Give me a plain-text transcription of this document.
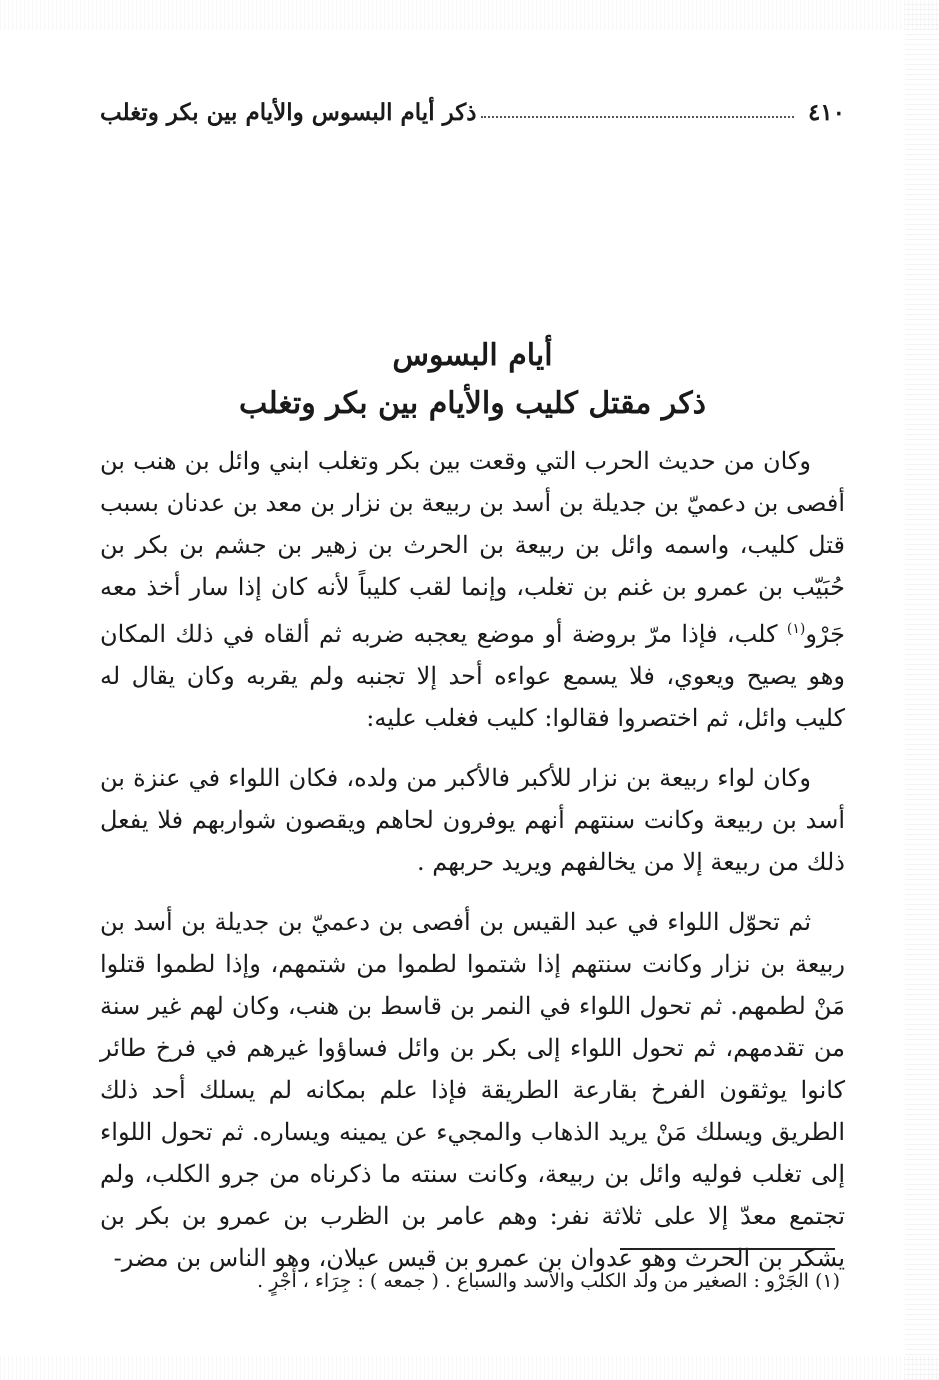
٤١٠
ذكر أيام البسوس والأيام بين بكر وتغلب
أيام البسوس
ذكر مقتل كليب والأيام بين بكر وتغلب

وكان من حديث الحرب التي وقعت بين بكر وتغلب ابني وائل بن هنب بن أفصى بن دعميّ بن جديلة بن أسد بن ربيعة بن نزار بن معد بن عدنان بسبب قتل كليب، واسمه وائل بن ربيعة بن الحرث بن زهير بن جشم بن بكر بن حُبَيّب بن عمرو بن غنم بن تغلب، وإنما لقب كليباً لأنه كان إذا سار أخذ معه جَرْو$^{(١)}$ كلب، فإذا مرّ بروضة أو موضع يعجبه ضربه ثم ألقاه في ذلك المكان وهو يصيح ويعوي، فلا يسمع عواءه أحد إلا تجنبه ولم يقربه وكان يقال له كليب وائل، ثم اختصروا فقالوا: كليب فغلب عليه:

وكان لواء ربيعة بن نزار للأكبر فالأكبر من ولده، فكان اللواء في عنزة بن أسد بن ربيعة وكانت سنتهم أنهم يوفرون لحاهم ويقصون شواربهم فلا يفعل ذلك من ربيعة إلا من يخالفهم ويريد حربهم .

ثم تحوّل اللواء في عبد القيس بن أفصى بن دعميّ بن جديلة بن أسد بن ربيعة بن نزار وكانت سنتهم إذا شتموا لطموا من شتمهم، وإذا لطموا قتلوا مَنْ لطمهم. ثم تحول اللواء في النمر بن قاسط بن هنب، وكان لهم غير سنة من تقدمهم، ثم تحول اللواء إلى بكر بن وائل فساؤوا غيرهم في فرخ طائر كانوا يوثقون الفرخ بقارعة الطريقة فإذا علم بمكانه لم يسلك أحد ذلك الطريق ويسلك مَنْ يريد الذهاب والمجيء عن يمينه ويساره. ثم تحول اللواء إلى تغلب فوليه وائل بن ربيعة، وكانت سنته ما ذكرناه من جرو الكلب، ولم تجتمع معدّ إلا على ثلاثة نفر: وهم عامر بن الظرب بن عمرو بن بكر بن يشكر بن الحرث وهو عدوان بن عمرو بن قيس عيلان، وهو الناس بن مضر-

(١) الجَرْو : الصغير من ولد الكلب والأسد والسباع . ( جمعه ) : جِرَاء ، أجْرٍ .
